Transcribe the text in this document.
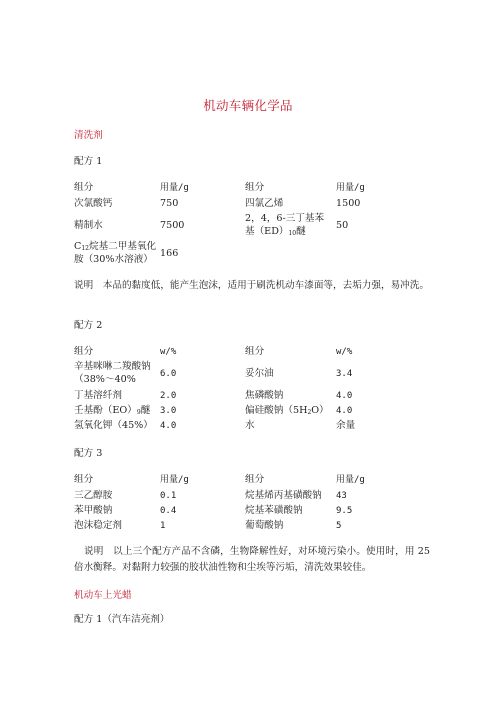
机动车辆化学品
清洗剂
配方 1
组分	用量/g	组分	用量/g
次氯酸钙	750	四氯乙烯	1500
精制水	7500
2，4，6-三丁基苯
基$(ED)_{10}$醚
50
$C_{12}$烷基二甲基氧化
胺（30%水溶液）
166
说明　本品的黏度低，能产生泡沫，适用于刷洗机动车漆面等，去垢力强，易冲洗。
配方 2
组分	w/%	组分	w/%
辛基咪啉二羧酸钠
（38%～40%	6.0	妥尔油	3.4
丁基溶纤剂	2.0	焦磷酸钠	4.0
壬基酚$(EO)_9$醚 3.0	偏硅酸钠$(5H_2O)$ 4.0
氢氧化钾（45%） 4.0	水	余量
配方 3
组分	用量/g	组分	用量/g
三乙醇胺	0.1	烷基烯丙基磺酸钠 43
苯甲酸钠	0.4	烷基苯磺酸钠	9.5
泡沫稳定剂	1	葡萄酸钠	5
说明　以上三个配方产品不含磷，生物降解性好，对环境污染小。使用时，用 25 倍水衡释。对黏附力较强的胶状油性物和尘埃等污垢，清洗效果较佳。
机动车上光蜡
配方 1（汽车洁亮剂）
